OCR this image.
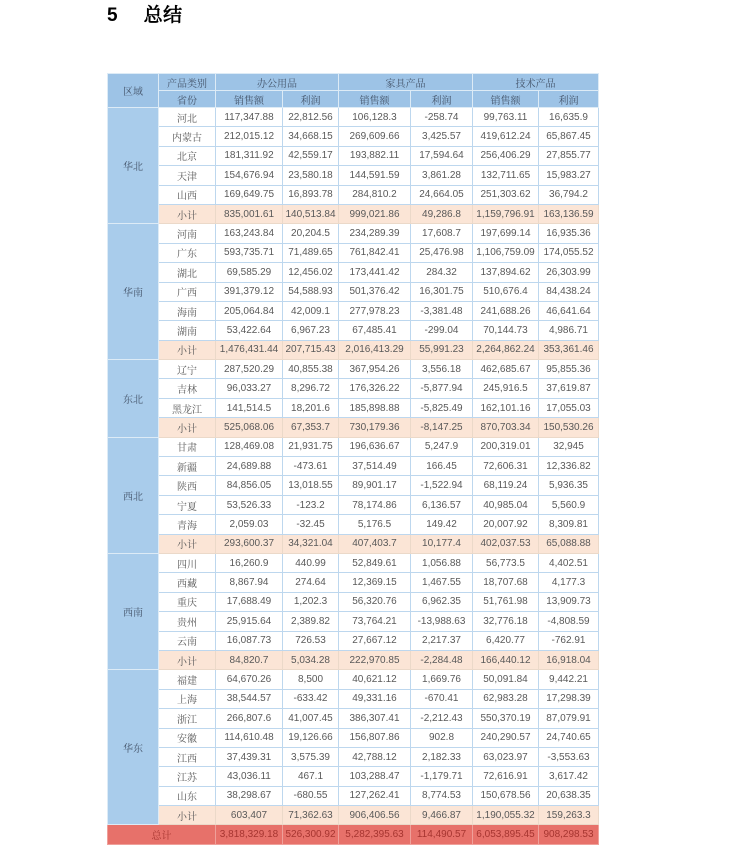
5  总结
区域	产品类别	办公用品		家具产品		技术产品	
	省份	销售额	利润	销售额	利润	销售额	利润
华北	河北	117,347.88	22,812.56	106,128.3	-258.74	99,763.11	16,635.9
	内蒙古	212,015.12	34,668.15	269,609.66	3,425.57	419,612.24	65,867.45
	北京	181,311.92	42,559.17	193,882.11	17,594.64	256,406.29	27,855.77
	天津	154,676.94	23,580.18	144,591.59	3,861.28	132,711.65	15,983.27
	山西	169,649.75	16,893.78	284,810.2	24,664.05	251,303.62	36,794.2
	小计	835,001.61	140,513.84	999,021.86	49,286.8	1,159,796.91	163,136.59
华南	河南	163,243.84	20,204.5	234,289.39	17,608.7	197,699.14	16,935.36
	广东	593,735.71	71,489.65	761,842.41	25,476.98	1,106,759.09	174,055.52
	湖北	69,585.29	12,456.02	173,441.42	284.32	137,894.62	26,303.99
	广西	391,379.12	54,588.93	501,376.42	16,301.75	510,676.4	84,438.24
	海南	205,064.84	42,009.1	277,978.23	-3,381.48	241,688.26	46,641.64
	湖南	53,422.64	6,967.23	67,485.41	-299.04	70,144.73	4,986.71
	小计	1,476,431.44	207,715.43	2,016,413.29	55,991.23	2,264,862.24	353,361.46
东北	辽宁	287,520.29	40,855.38	367,954.26	3,556.18	462,685.67	95,855.36
	吉林	96,033.27	8,296.72	176,326.22	-5,877.94	245,916.5	37,619.87
	黑龙江	141,514.5	18,201.6	185,898.88	-5,825.49	162,101.16	17,055.03
	小计	525,068.06	67,353.7	730,179.36	-8,147.25	870,703.34	150,530.26
西北	甘肃	128,469.08	21,931.75	196,636.67	5,247.9	200,319.01	32,945
	新疆	24,689.88	-473.61	37,514.49	166.45	72,606.31	12,336.82
	陕西	84,856.05	13,018.55	89,901.17	-1,522.94	68,119.24	5,936.35
	宁夏	53,526.33	-123.2	78,174.86	6,136.57	40,985.04	5,560.9
	青海	2,059.03	-32.45	5,176.5	149.42	20,007.92	8,309.81
	小计	293,600.37	34,321.04	407,403.7	10,177.4	402,037.53	65,088.88
西南	四川	16,260.9	440.99	52,849.61	1,056.88	56,773.5	4,402.51
	西藏	8,867.94	274.64	12,369.15	1,467.55	18,707.68	4,177.3
	重庆	17,688.49	1,202.3	56,320.76	6,962.35	51,761.98	13,909.73
	贵州	25,915.64	2,389.82	73,764.21	-13,988.63	32,776.18	-4,808.59
	云南	16,087.73	726.53	27,667.12	2,217.37	6,420.77	-762.91
	小计	84,820.7	5,034.28	222,970.85	-2,284.48	166,440.12	16,918.04
华东	福建	64,670.26	8,500	40,621.12	1,669.76	50,091.84	9,442.21
	上海	38,544.57	-633.42	49,331.16	-670.41	62,983.28	17,298.39
	浙江	266,807.6	41,007.45	386,307.41	-2,212.43	550,370.19	87,079.91
	安徽	114,610.48	19,126.66	156,807.86	902.8	240,290.57	24,740.65
	江西	37,439.31	3,575.39	42,788.12	2,182.33	63,023.97	-3,553.63
	江苏	43,036.11	467.1	103,288.47	-1,179.71	72,616.91	3,617.42
	山东	38,298.67	-680.55	127,262.41	8,774.53	150,678.56	20,638.35
	小计	603,407	71,362.63	906,406.56	9,466.87	1,190,055.32	159,263.3
总计		3,818,329.18	526,300.92	5,282,395.63	114,490.57	6,053,895.45	908,298.53
